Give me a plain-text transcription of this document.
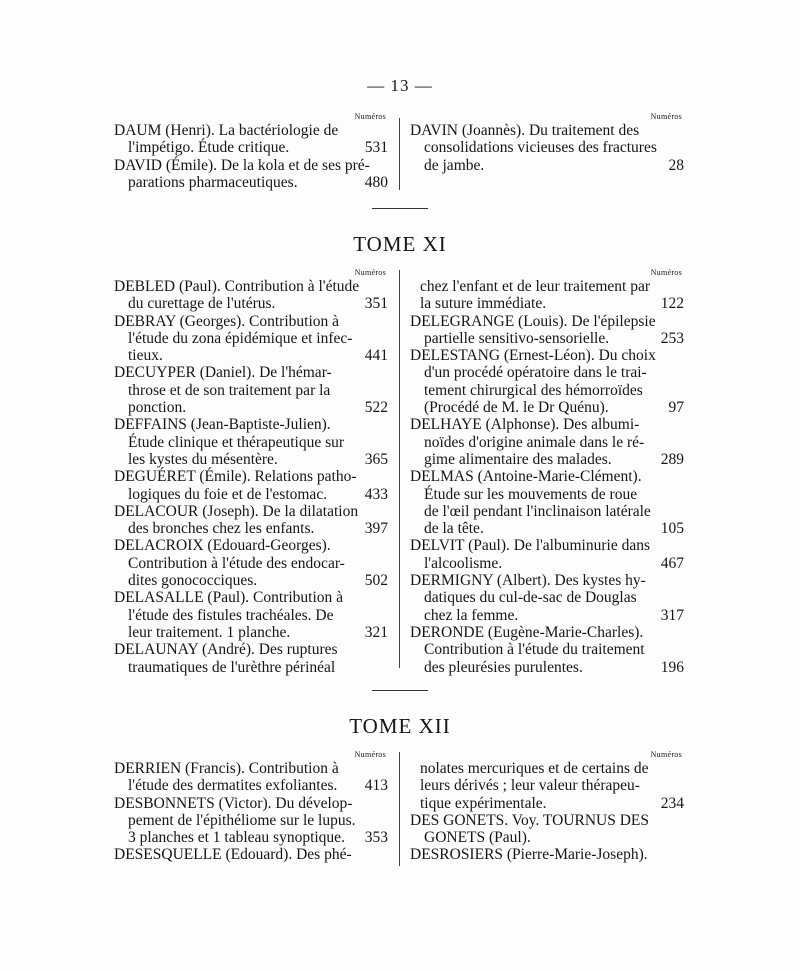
— 13 —
Numéros
DAUM (Henri). La bactériologie de
l'impétigo. Étude critique.	531
DAVID (Émile). De la kola et de ses pré-
parations pharmaceutiques.	480
Numéros
DAVIN (Joannès). Du traitement des
consolidations vicieuses des fractures
de jambe.	28
TOME XI
Numéros
DEBLED (Paul). Contribution à l'étude
du curettage de l'utérus.	351
DEBRAY (Georges). Contribution à
l'étude du zona épidémique et infec-
tieux.	441
DECUYPER (Daniel). De l'hémar-
throse et de son traitement par la
ponction.	522
DEFFAINS (Jean-Baptiste-Julien).
Étude clinique et thérapeutique sur
les kystes du mésentère.	365
DEGUÉRET (Émile). Relations patho-
logiques du foie et de l'estomac. 433
DELACOUR (Joseph). De la dilatation
des bronches chez les enfants.	397
DELACROIX (Edouard-Georges).
Contribution à l'étude des endocar-
dites gonococciques.	502
DELASALLE (Paul). Contribution à
l'étude des fistules trachéales. De
leur traitement. 1 planche.	321
DELAUNAY (André). Des ruptures
traumatiques de l'urèthre périnéal
Numéros
chez l'enfant et de leur traitement par
la suture immédiate.	122
DELEGRANGE (Louis). De l'épilepsie
partielle sensitivo-sensorielle.	253
DELESTANG (Ernest-Léon). Du choix
d'un procédé opératoire dans le trai-
tement chirurgical des hémorroïdes
(Procédé de M. le Dr Quénu).	97
DELHAYE (Alphonse). Des albumi-
noïdes d'origine animale dans le ré-
gime alimentaire des malades.	289
DELMAS (Antoine-Marie-Clément).
Étude sur les mouvements de roue
de l'œil pendant l'inclinaison latérale
de la tête.	105
DELVIT (Paul). De l'albuminurie dans
l'alcoolisme.	467
DERMIGNY (Albert). Des kystes hy-
datiques du cul-de-sac de Douglas
chez la femme.	317
DERONDE (Eugène-Marie-Charles).
Contribution à l'étude du traitement
des pleurésies purulentes.	196
TOME XII
Numéros
DERRIEN (Francis). Contribution à
l'étude des dermatites exfoliantes. 413
DESBONNETS (Victor). Du dévelop-
pement de l'épithéliome sur le lupus.
3 planches et 1 tableau synoptique. 353
DESESQUELLE (Edouard). Des phé-
Numéros
nolates mercuriques et de certains de
leurs dérivés ; leur valeur thérapeu-
tique expérimentale.	234
DES GONETS. Voy. TOURNUS DES
GONETS (Paul).
DESROSIERS (Pierre-Marie-Joseph).
